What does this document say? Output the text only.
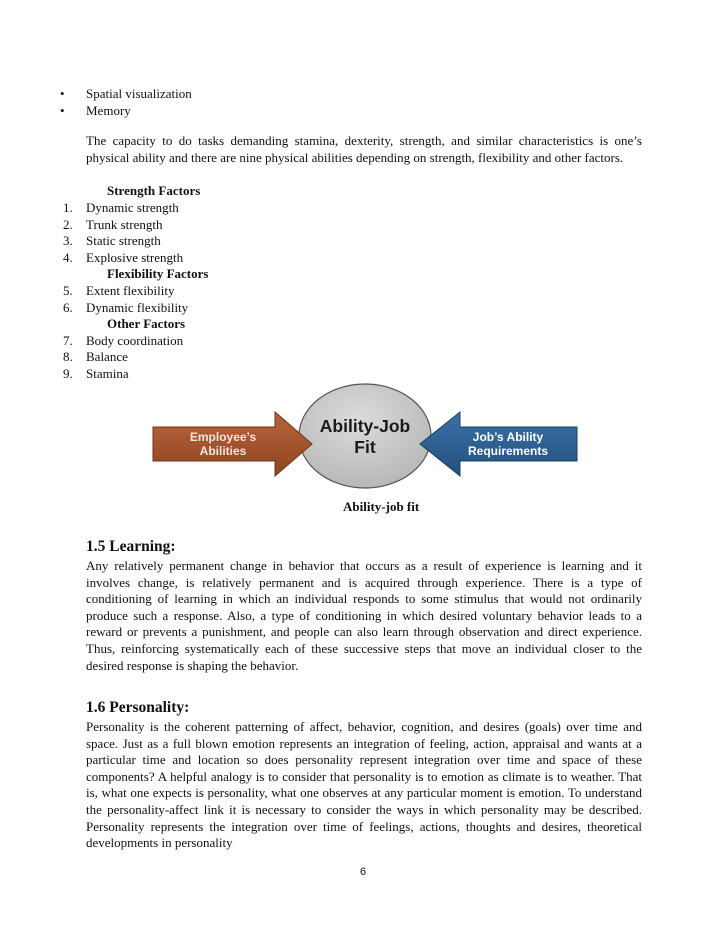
• Spatial visualization
• Memory
The capacity to do tasks demanding stamina, dexterity, strength, and similar characteristics is one’s physical ability and there are nine physical abilities depending on strength, flexibility and other factors.
Strength Factors
1. Dynamic strength
2. Trunk strength
3. Static strength
4. Explosive strength
Flexibility Factors
5. Extent flexibility
6. Dynamic flexibility
Other Factors
7. Body coordination
8. Balance
9. Stamina
Ability-Job
Fit
Employee’s
Abilities
Job’s Ability
Requirements
Ability-job fit
1.5 Learning:
Any relatively permanent change in behavior that occurs as a result of experience is learning and it involves change, is relatively permanent and is acquired through experience. There is a type of conditioning of learning in which an individual responds to some stimulus that would not ordinarily produce such a response. Also, a type of conditioning in which desired voluntary behavior leads to a reward or prevents a punishment, and people can also learn through observation and direct experience. Thus, reinforcing systematically each of these successive steps that move an individual closer to the desired response is shaping the behavior.
1.6 Personality:
Personality is the coherent patterning of affect, behavior, cognition, and desires (goals) over time and space. Just as a full blown emotion represents an integration of feeling, action, appraisal and wants at a particular time and location so does personality represent integration over time and space of these components? A helpful analogy is to consider that personality is to emotion as climate is to weather. That is, what one expects is personality, what one observes at any particular moment is emotion. To understand the personality-affect link it is necessary to consider the ways in which personality may be described. Personality represents the integration over time of feelings, actions, thoughts and desires, theoretical developments in personality
6
